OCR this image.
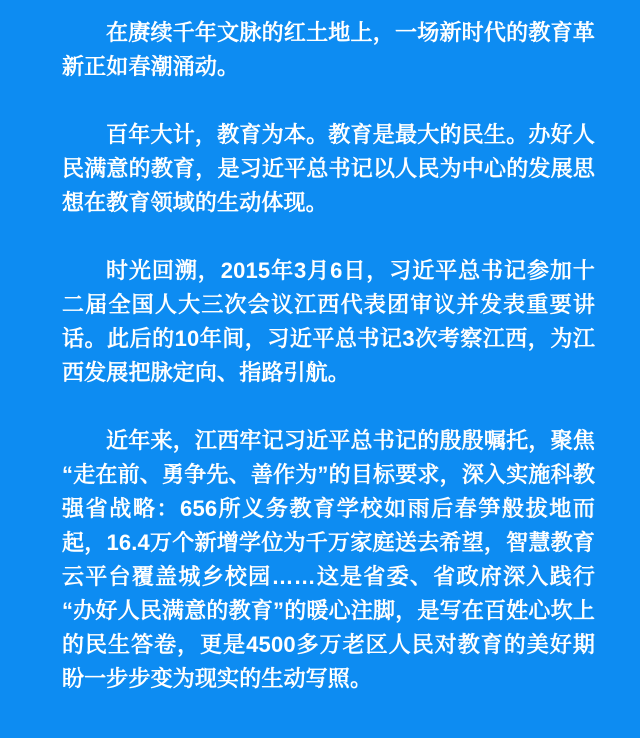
在赓续千年文脉的红土地上，一场新时代的教育革新正如春潮涌动。

百年大计，教育为本。教育是最大的民生。办好人民满意的教育，是习近平总书记以人民为中心的发展思想在教育领域的生动体现。

时光回溯，2015年3月6日，习近平总书记参加十二届全国人大三次会议江西代表团审议并发表重要讲话。此后的10年间，习近平总书记3次考察江西，为江西发展把脉定向、指路引航。

近年来，江西牢记习近平总书记的殷殷嘱托，聚焦“走在前、勇争先、善作为”的目标要求，深入实施科教强省战略：656所义务教育学校如雨后春笋般拔地而起，16.4万个新增学位为千万家庭送去希望，智慧教育云平台覆盖城乡校园……这是省委、省政府深入践行“办好人民满意的教育”的暖心注脚，是写在百姓心坎上的民生答卷，更是4500多万老区人民对教育的美好期盼一步步变为现实的生动写照。
